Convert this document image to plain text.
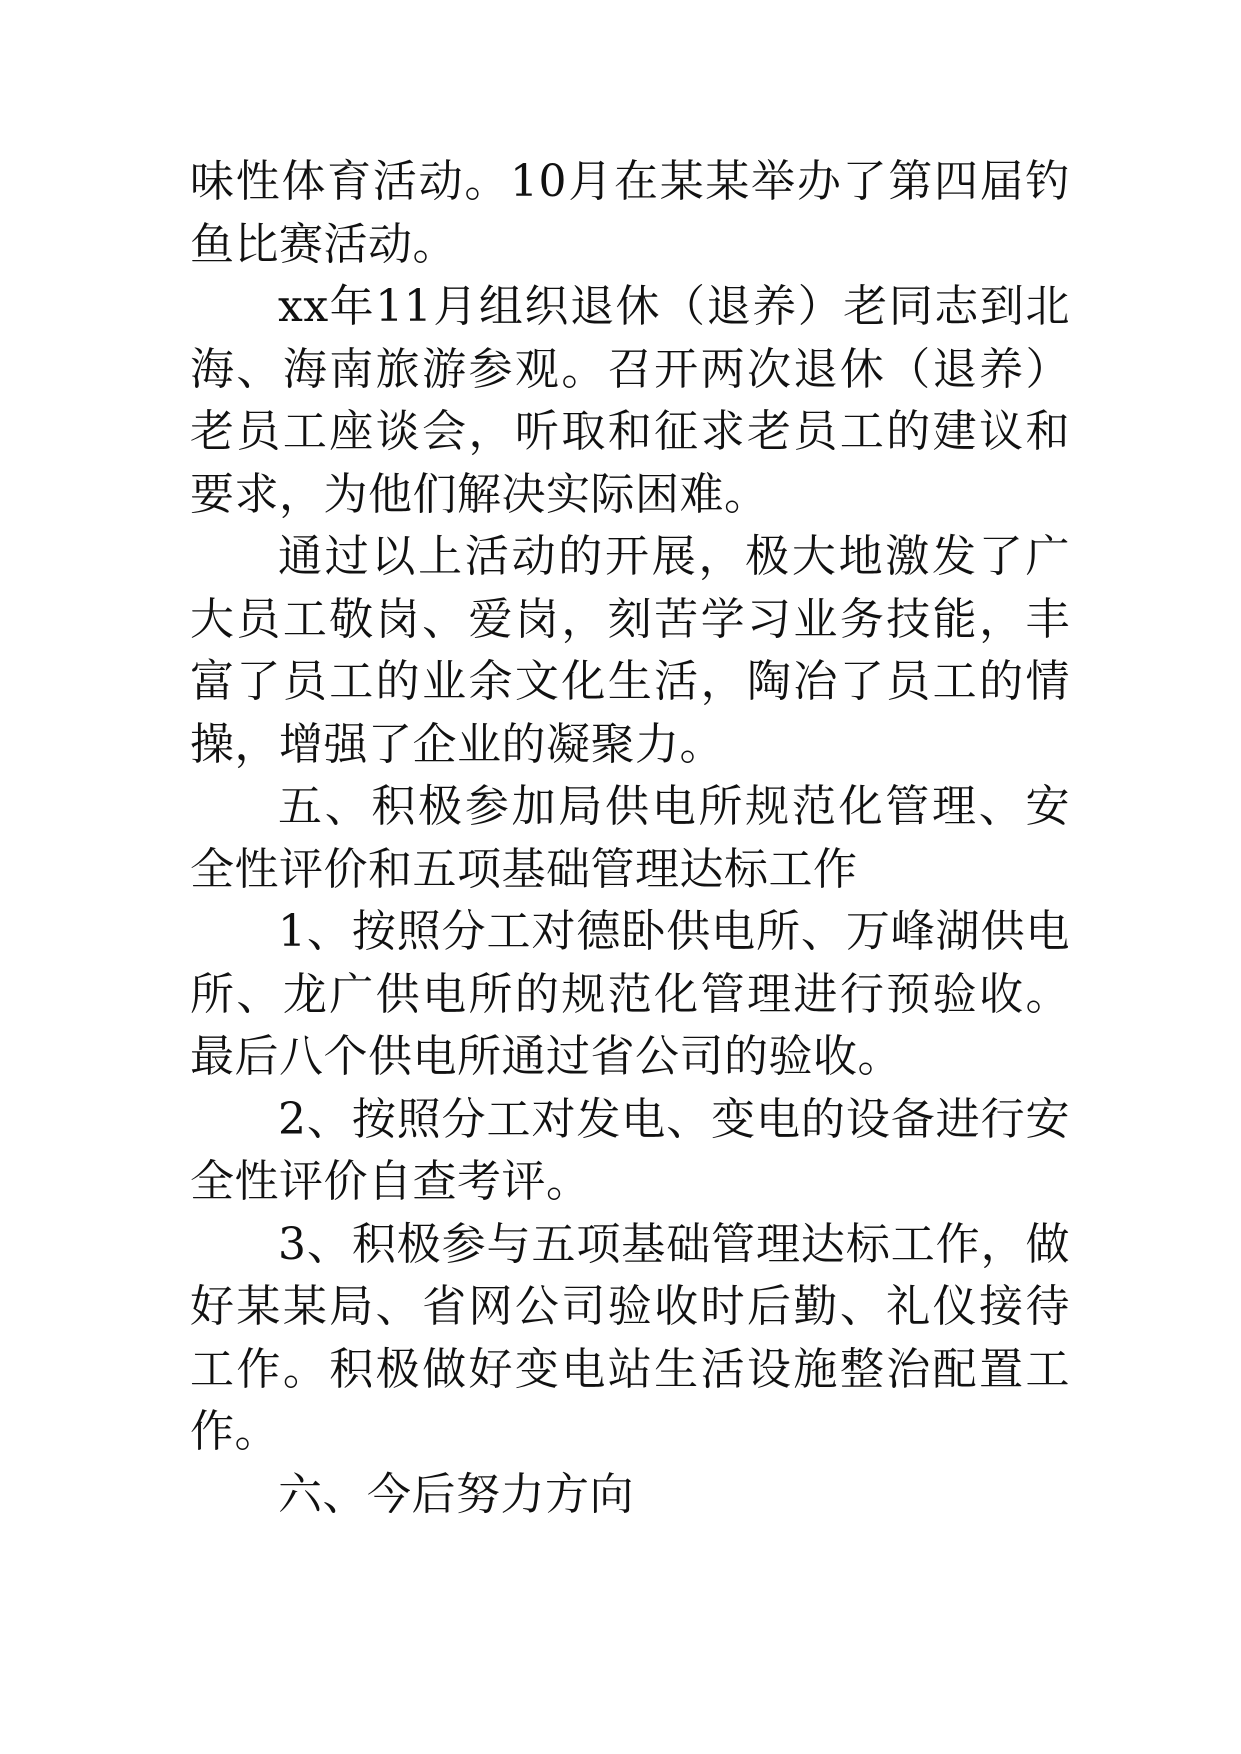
味性体育活动。10月在某某举办了第四届钓鱼比赛活动。

xx年11月组织退休（退养）老同志到北海、海南旅游参观。召开两次退休（退养）老员工座谈会，听取和征求老员工的建议和要求，为他们解决实际困难。

通过以上活动的开展，极大地激发了广大员工敬岗、爱岗，刻苦学习业务技能，丰富了员工的业余文化生活，陶冶了员工的情操，增强了企业的凝聚力。

五、积极参加局供电所规范化管理、安全性评价和五项基础管理达标工作

1、按照分工对德卧供电所、万峰湖供电所、龙广供电所的规范化管理进行预验收。最后八个供电所通过省公司的验收。

2、按照分工对发电、变电的设备进行安全性评价自查考评。

3、积极参与五项基础管理达标工作，做好某某局、省网公司验收时后勤、礼仪接待工作。积极做好变电站生活设施整治配置工作。

六、今后努力方向
